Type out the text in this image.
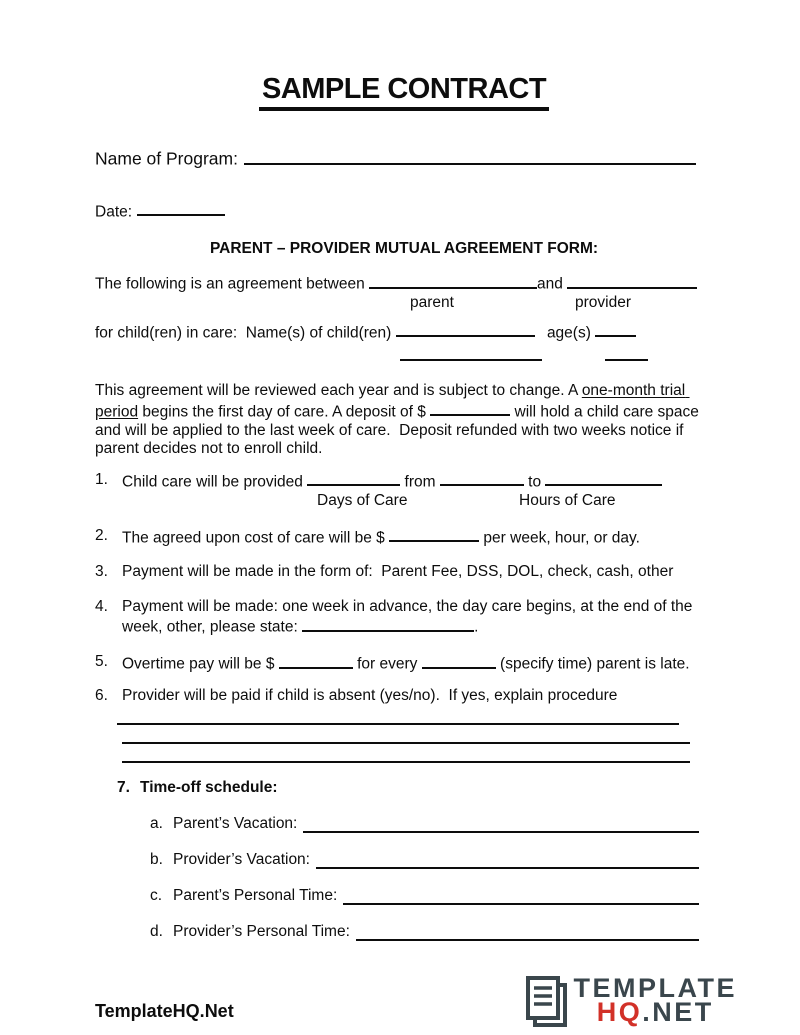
SAMPLE CONTRACT
Name of Program:
Date:
PARENT – PROVIDER MUTUAL AGREEMENT FORM:
The following is an agreement between	and
parent	provider
for child(ren) in care:  Name(s) of child(ren)	age(s)
This agreement will be reviewed each year and is subject to change. A one-month trial period begins the first day of care. A deposit of $	will hold a child care space and will be applied to the last week of care.  Deposit refunded with two weeks notice if parent decides not to enroll child.
1. Child care will be provided	from	to
Days of Care	Hours of Care
2. The agreed upon cost of care will be $	per week, hour, or day.
3. Payment will be made in the form of:  Parent Fee, DSS, DOL, check, cash, other
4. Payment will be made: one week in advance, the day care begins, at the end of the week, other, please state:	.
5. Overtime pay will be $	for every	(specify time) parent is late.
6. Provider will be paid if child is absent (yes/no).  If yes, explain procedure
7. Time-off schedule:
a. Parent’s Vacation:
b. Provider’s Vacation:
c. Parent’s Personal Time:
d. Provider’s Personal Time:
TemplateHQ.Net
TEMPLATE
HQ.NET
